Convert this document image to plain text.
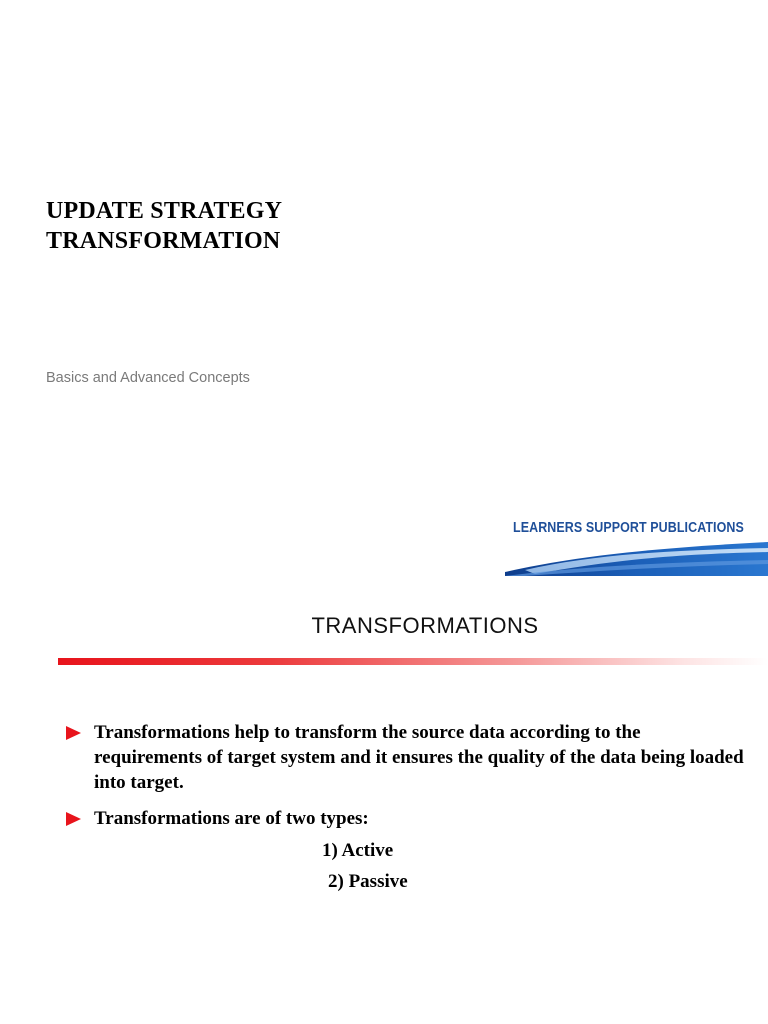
UPDATE STRATEGY
TRANSFORMATION
Basics and Advanced Concepts
LEARNERS SUPPORT PUBLICATIONS
TRANSFORMATIONS
Transformations help to transform the source data according to the requirements of target system and it ensures the quality of the data being loaded into target.
Transformations are of two types:
1) Active
2) Passive
